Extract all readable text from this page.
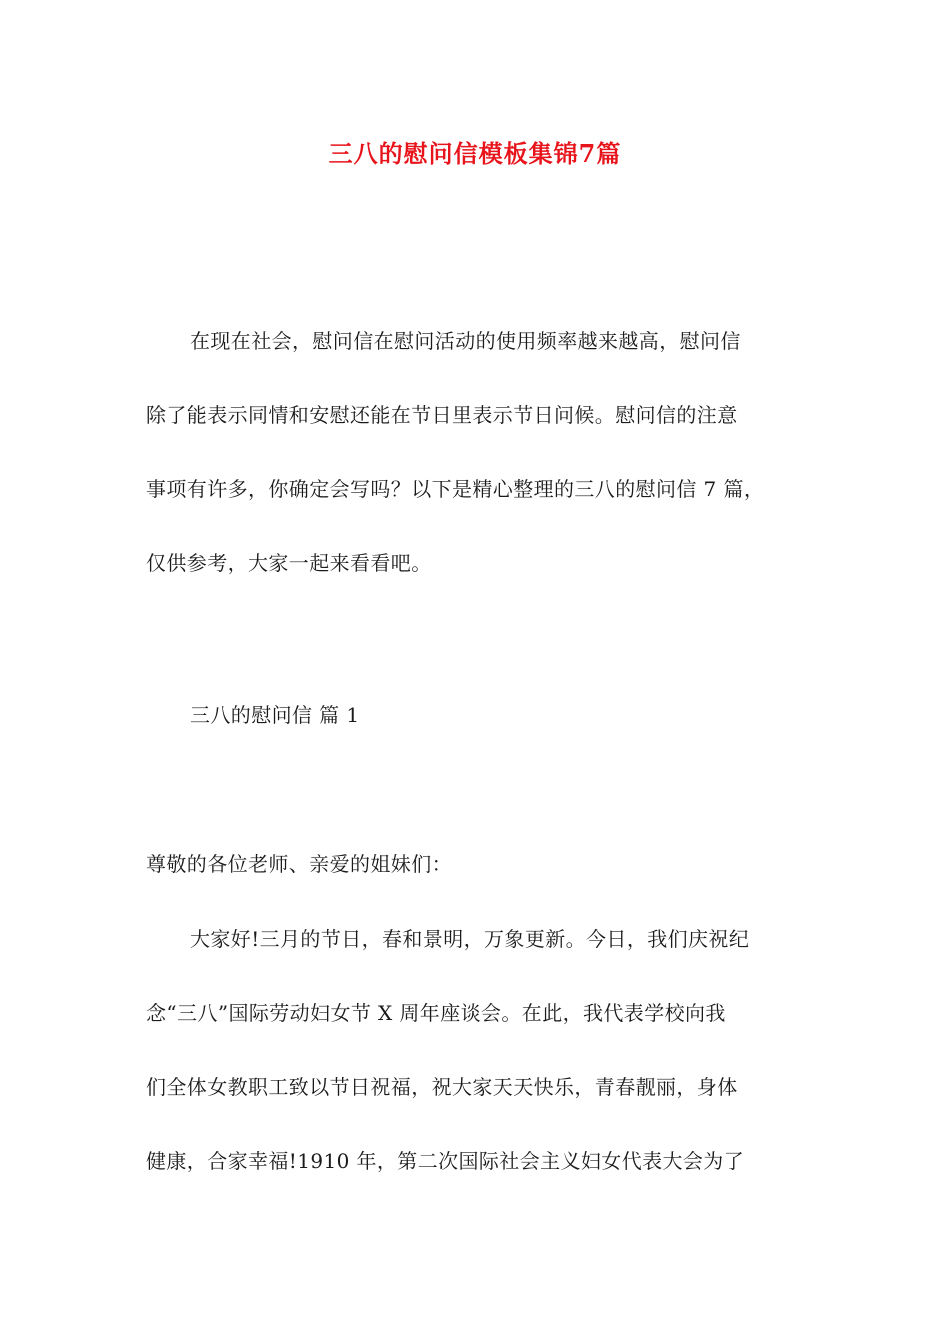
三八的慰问信模板集锦7篇
在现在社会，慰问信在慰问活动的使用频率越来越高，慰问信
除了能表示同情和安慰还能在节日里表示节日问候。慰问信的注意
事项有许多，你确定会写吗？以下是精心整理的三八的慰问信 7 篇，
仅供参考，大家一起来看看吧。
三八的慰问信 篇 1
尊敬的各位老师、亲爱的姐妹们：
大家好!三月的节日，春和景明，万象更新。今日，我们庆祝纪
念“三八”国际劳动妇女节 X 周年座谈会。在此，我代表学校向我
们全体女教职工致以节日祝福，祝大家天天快乐，青春靓丽，身体
健康，合家幸福!1910 年，第二次国际社会主义妇女代表大会为了
